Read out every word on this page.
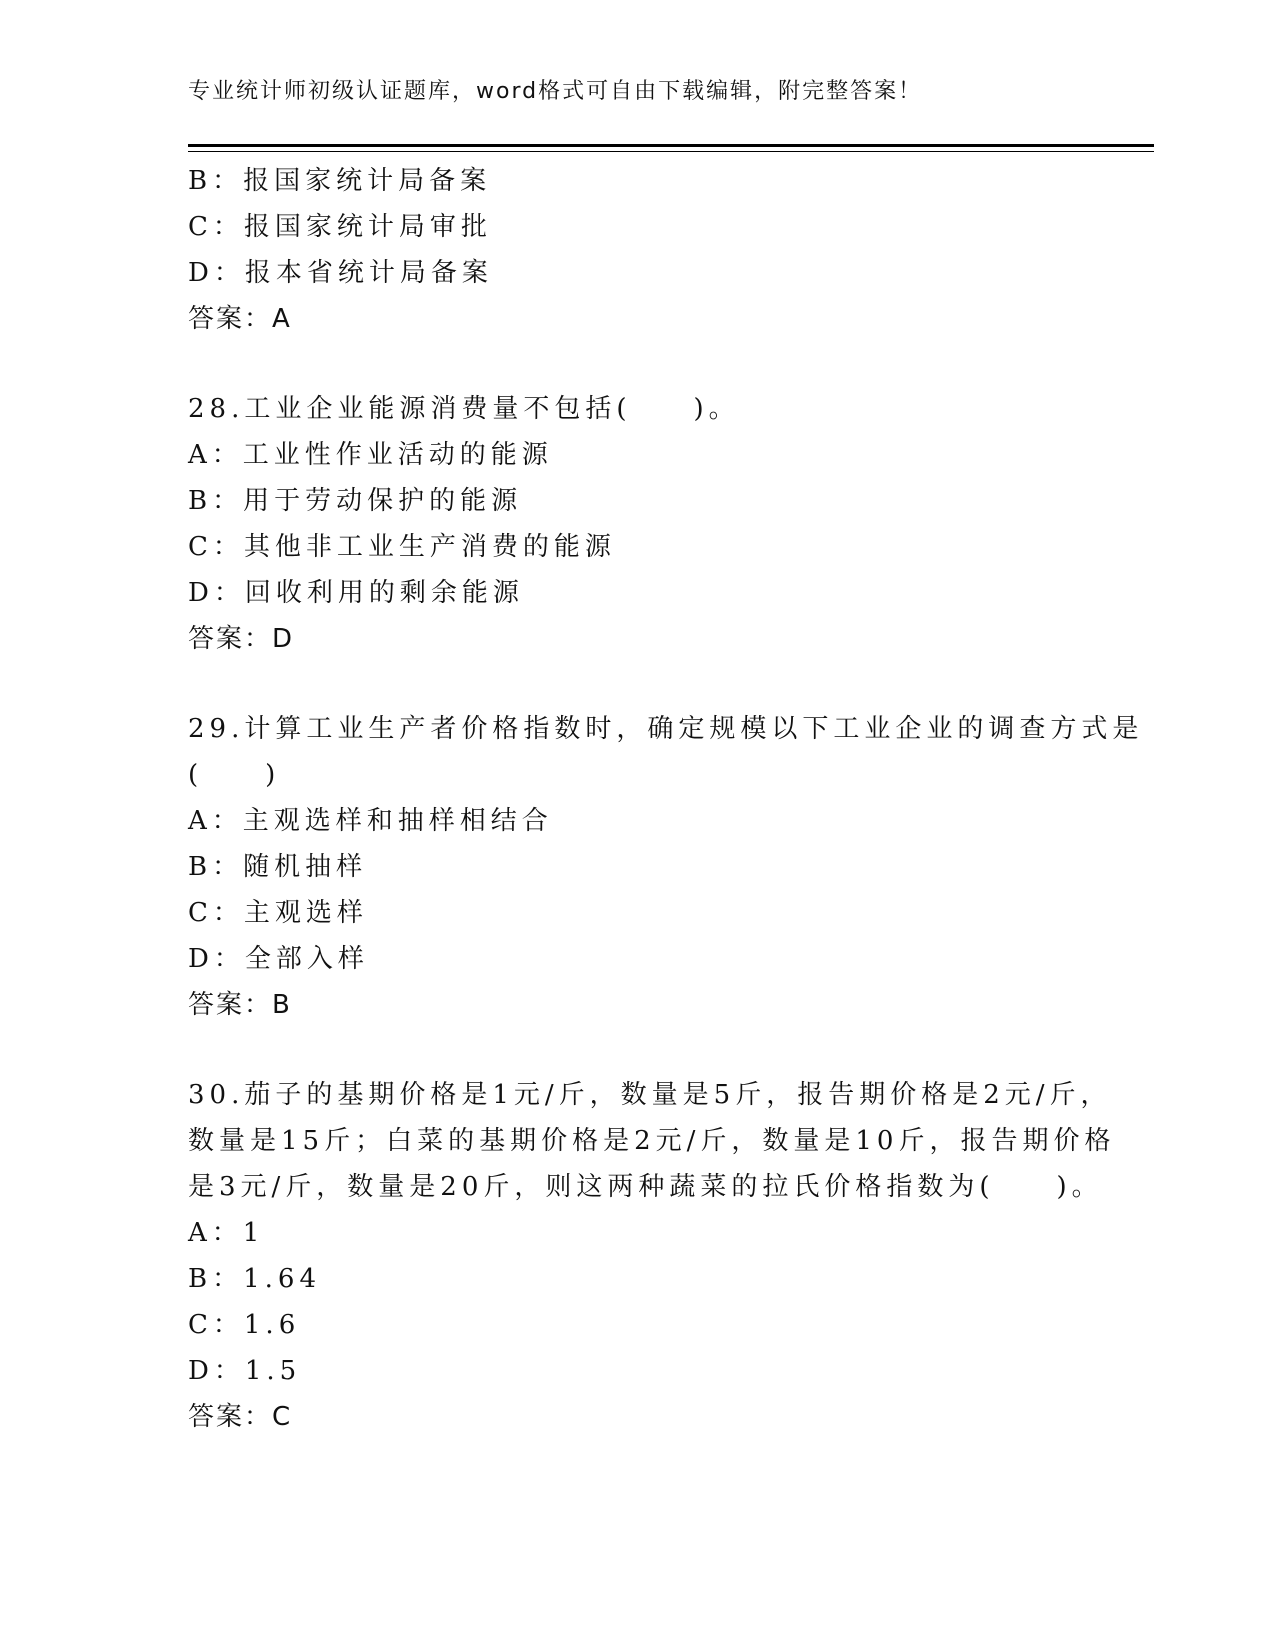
专业统计师初级认证题库，word格式可自由下载编辑，附完整答案！
B：报国家统计局备案
C：报国家统计局审批
D：报本省统计局备案
答案：A
28.工业企业能源消费量不包括(　　)。
A：工业性作业活动的能源
B：用于劳动保护的能源
C：其他非工业生产消费的能源
D：回收利用的剩余能源
答案：D
29.计算工业生产者价格指数时，确定规模以下工业企业的调查方式是
(　　)
A：主观选样和抽样相结合
B：随机抽样
C：主观选样
D：全部入样
答案：B
30.茄子的基期价格是1元/斤，数量是5斤，报告期价格是2元/斤，
数量是15斤；白菜的基期价格是2元/斤，数量是10斤，报告期价格
是3元/斤，数量是20斤，则这两种蔬菜的拉氏价格指数为(　　)。
A：1
B：1.64
C：1.6
D：1.5
答案：C
